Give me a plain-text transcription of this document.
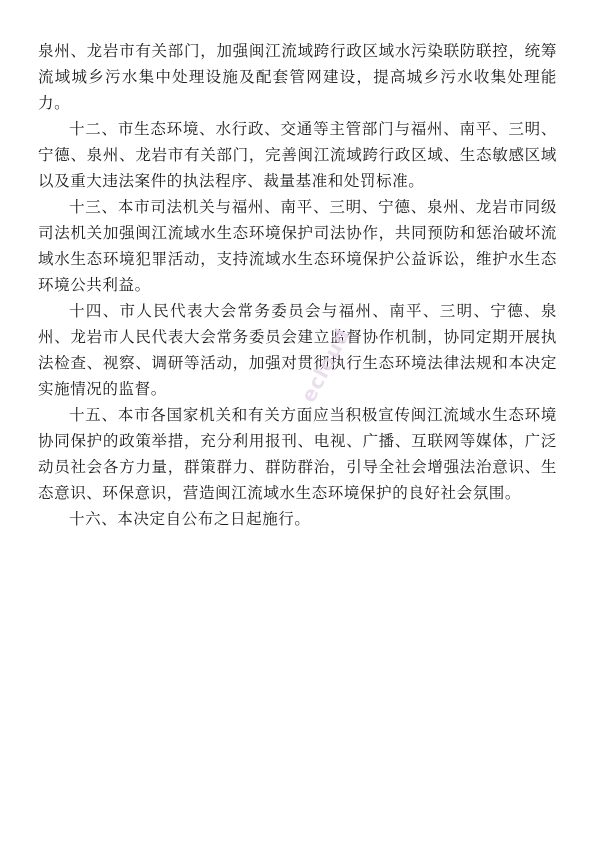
泉州、龙岩市有关部门，加强闽江流域跨行政区域水污染联防联控，统筹流域城乡污水集中处理设施及配套管网建设，提高城乡污水收集处理能力。

十二、市生态环境、水行政、交通等主管部门与福州、南平、三明、宁德、泉州、龙岩市有关部门，完善闽江流域跨行政区域、生态敏感区域以及重大违法案件的执法程序、裁量基准和处罚标准。

十三、本市司法机关与福州、南平、三明、宁德、泉州、龙岩市同级司法机关加强闽江流域水生态环境保护司法协作，共同预防和惩治破坏流域水生态环境犯罪活动，支持流域水生态环境保护公益诉讼，维护水生态环境公共利益。

十四、市人民代表大会常务委员会与福州、南平、三明、宁德、泉州、龙岩市人民代表大会常务委员会建立监督协作机制，协同定期开展执法检查、视察、调研等活动，加强对贯彻执行生态环境法律法规和本决定实施情况的监督。

十五、本市各国家机关和有关方面应当积极宣传闽江流域水生态环境协同保护的政策举措，充分利用报刊、电视、广播、互联网等媒体，广泛动员社会各方力量，群策群力、群防群治，引导全社会增强法治意识、生态意识、环保意识，营造闽江流域水生态环境保护的良好社会氛围。

十六、本决定自公布之日起施行。

ecloud
